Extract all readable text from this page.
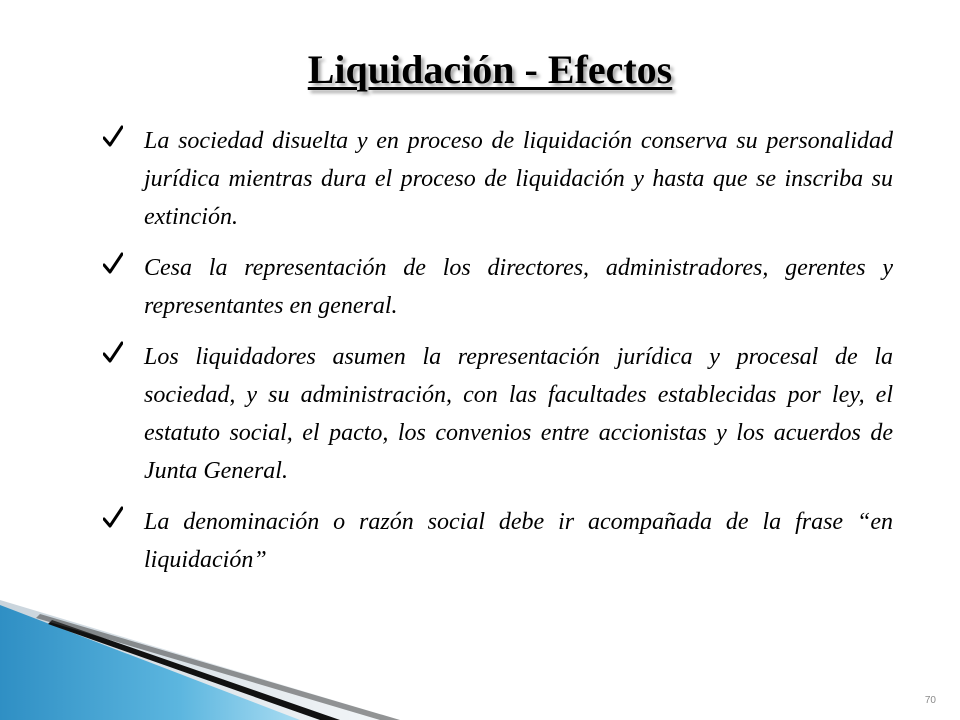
Liquidación - Efectos
La sociedad disuelta y en proceso de liquidación conserva su personalidad jurídica mientras dura el proceso de liquidación y hasta que se inscriba su extinción.
Cesa la representación de los directores, administradores, gerentes y representantes en general.
Los liquidadores asumen la representación jurídica y procesal de la sociedad, y su administración, con las facultades establecidas por ley, el estatuto social, el pacto, los convenios entre accionistas y los acuerdos de Junta General.
La denominación o razón social debe ir acompañada de la frase “en liquidación”
70
